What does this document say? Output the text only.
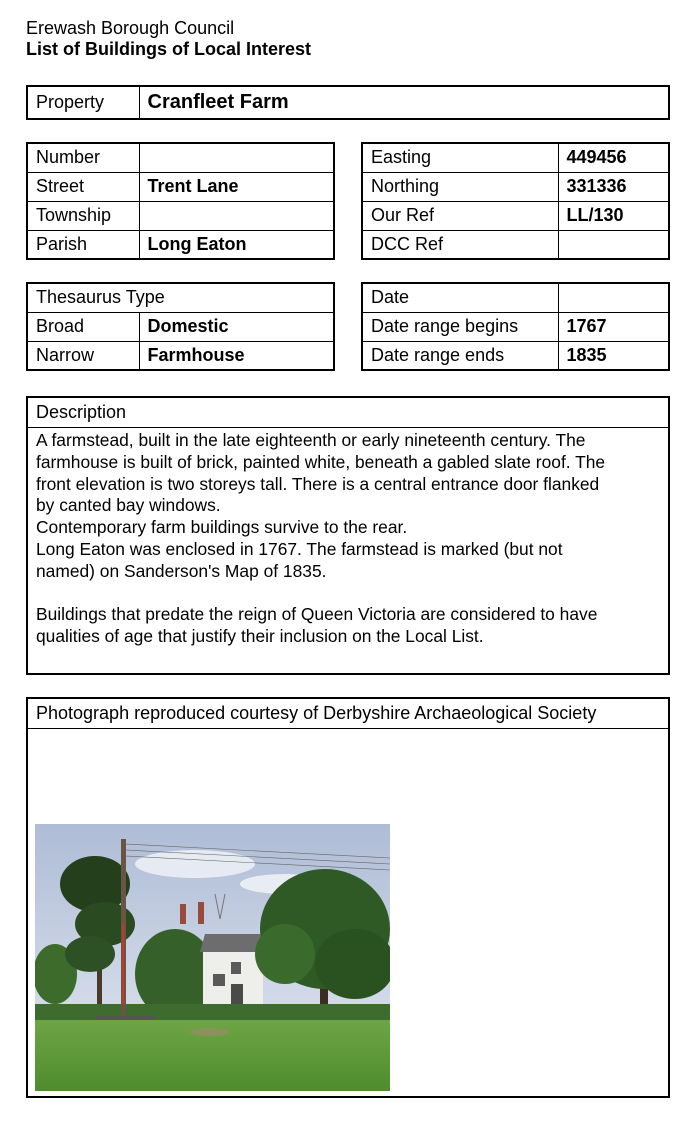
Erewash Borough Council
List of Buildings of Local Interest
Property	Cranfleet Farm
Number	
Street	Trent Lane
Township	
Parish	Long Eaton
Easting	449456
Northing	331336
Our Ref	LL/130
DCC Ref	
Thesaurus Type	
Broad	Domestic
Narrow	Farmhouse
Date	
Date range begins	1767
Date range ends	1835
Description
A farmstead, built in the late eighteenth or early nineteenth century. The
farmhouse is built of brick, painted white, beneath a gabled slate roof. The
front elevation is two storeys tall. There is a central entrance door flanked
by canted bay windows.
Contemporary farm buildings survive to the rear.
Long Eaton was enclosed in 1767. The farmstead is marked (but not
named) on Sanderson's Map of 1835.
Buildings that predate the reign of Queen Victoria are considered to have
qualities of age that justify their inclusion on the Local List.
Photograph reproduced courtesy of Derbyshire Archaeological Society
